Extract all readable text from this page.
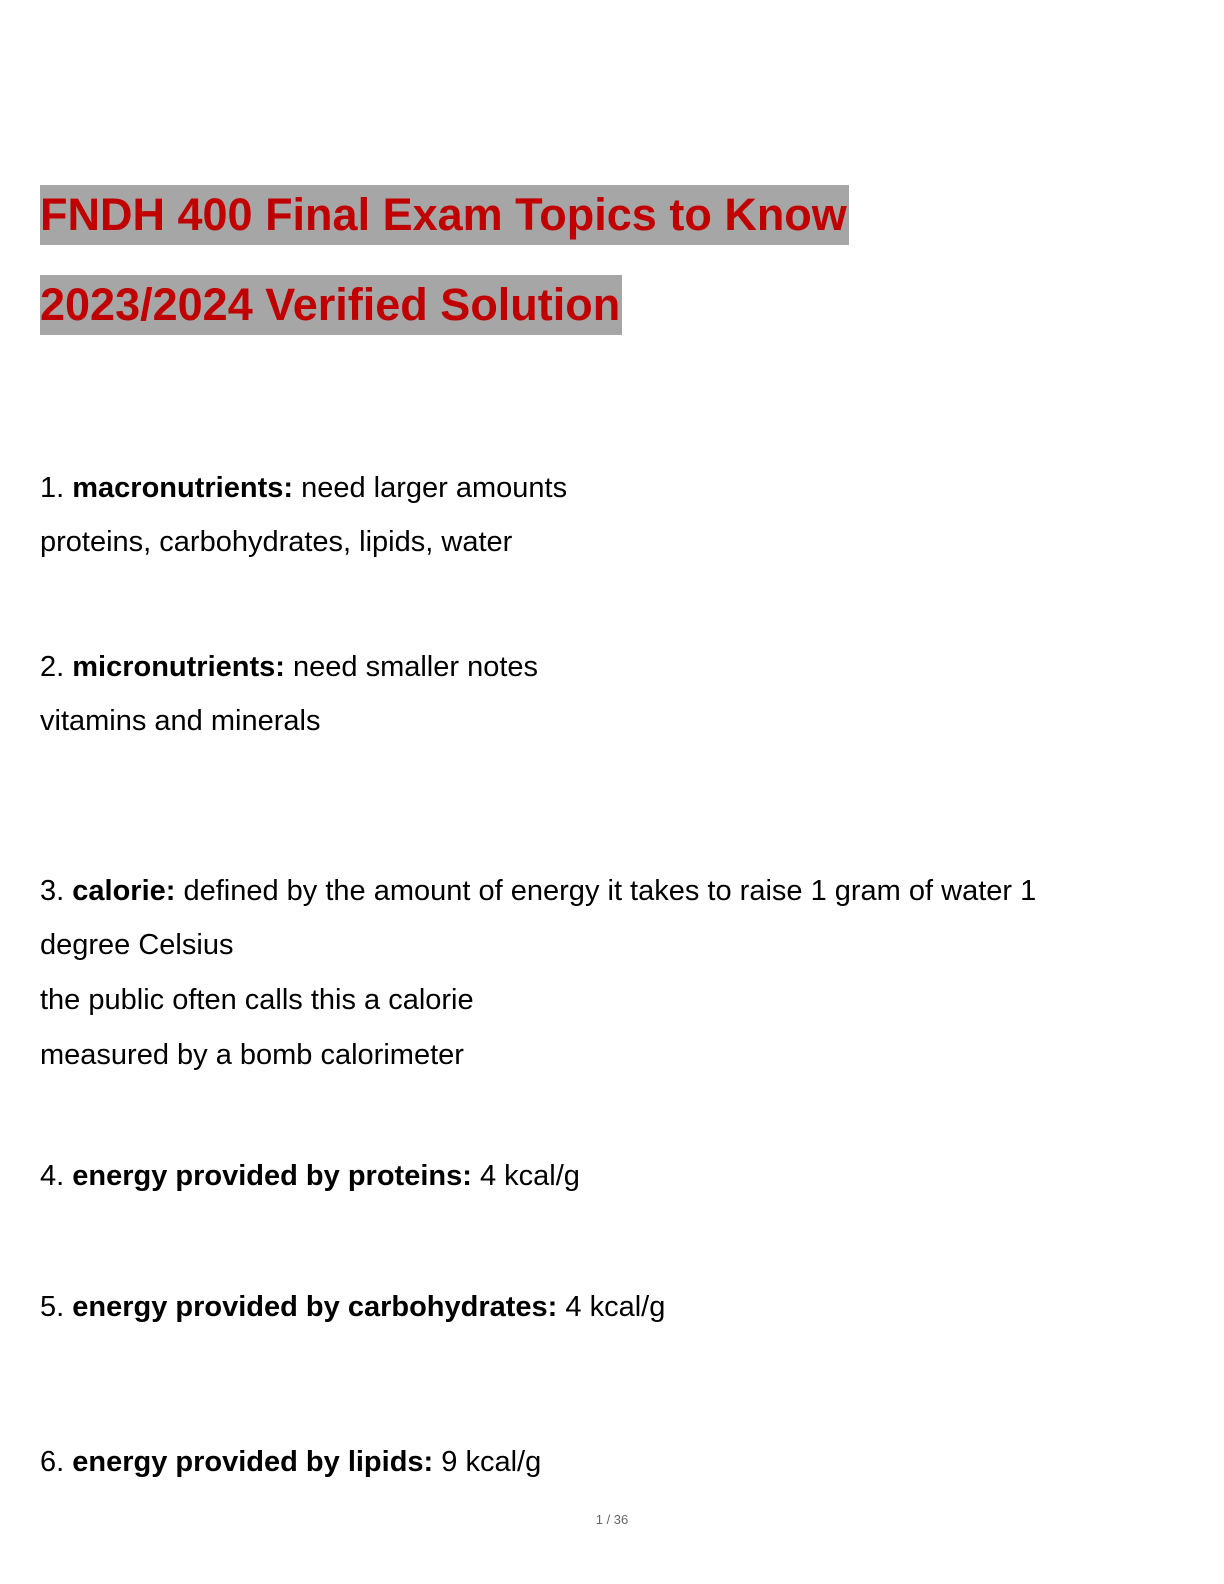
FNDH 400 Final Exam Topics to Know
2023/2024 Verified Solution
1. macronutrients: need larger amounts
proteins, carbohydrates, lipids, water
2. micronutrients: need smaller notes
vitamins and minerals
3. calorie: defined by the amount of energy it takes to raise 1 gram of water 1
degree Celsius
the public often calls this a calorie
measured by a bomb calorimeter
4. energy provided by proteins: 4 kcal/g
5. energy provided by carbohydrates: 4 kcal/g
6. energy provided by lipids: 9 kcal/g
1 / 36
